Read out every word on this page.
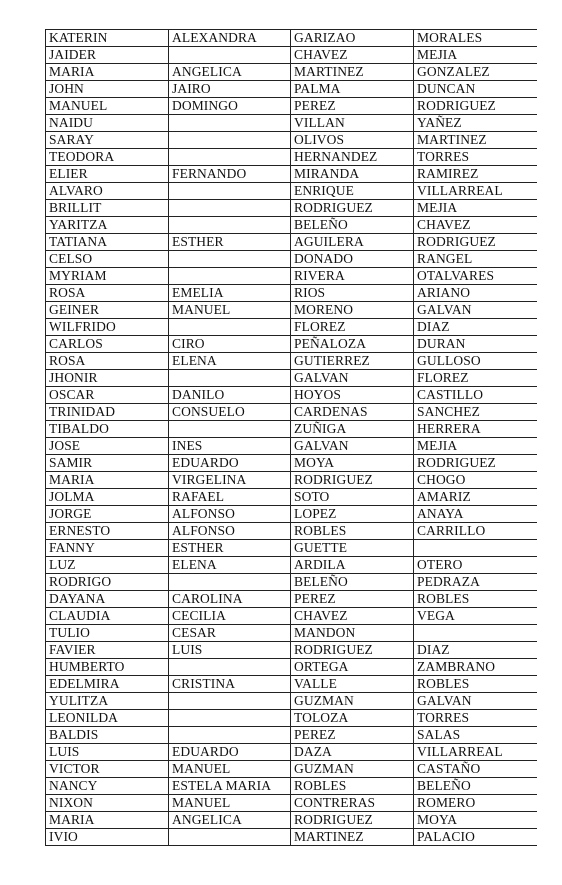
KATERIN	ALEXANDRA	GARIZAO	MORALES
JAIDER		CHAVEZ	MEJIA
MARIA	ANGELICA	MARTINEZ	GONZALEZ
JOHN	JAIRO	PALMA	DUNCAN
MANUEL	DOMINGO	PEREZ	RODRIGUEZ
NAIDU		VILLAN	YAÑEZ
SARAY		OLIVOS	MARTINEZ
TEODORA		HERNANDEZ	TORRES
ELIER	FERNANDO	MIRANDA	RAMIREZ
ALVARO		ENRIQUE	VILLARREAL
BRILLIT		RODRIGUEZ	MEJIA
YARITZA		BELEÑO	CHAVEZ
TATIANA	ESTHER	AGUILERA	RODRIGUEZ
CELSO		DONADO	RANGEL
MYRIAM		RIVERA	OTALVARES
ROSA	EMELIA	RIOS	ARIANO
GEINER	MANUEL	MORENO	GALVAN
WILFRIDO		FLOREZ	DIAZ
CARLOS	CIRO	PEÑALOZA	DURAN
ROSA	ELENA	GUTIERREZ	GULLOSO
JHONIR		GALVAN	FLOREZ
OSCAR	DANILO	HOYOS	CASTILLO
TRINIDAD	CONSUELO	CARDENAS	SANCHEZ
TIBALDO		ZUÑIGA	HERRERA
JOSE	INES	GALVAN	MEJIA
SAMIR	EDUARDO	MOYA	RODRIGUEZ
MARIA	VIRGELINA	RODRIGUEZ	CHOGO
JOLMA	RAFAEL	SOTO	AMARIZ
JORGE	ALFONSO	LOPEZ	ANAYA
ERNESTO	ALFONSO	ROBLES	CARRILLO
FANNY	ESTHER	GUETTE	
LUZ	ELENA	ARDILA	OTERO
RODRIGO		BELEÑO	PEDRAZA
DAYANA	CAROLINA	PEREZ	ROBLES
CLAUDIA	CECILIA	CHAVEZ	VEGA
TULIO	CESAR	MANDON	
FAVIER	LUIS	RODRIGUEZ	DIAZ
HUMBERTO		ORTEGA	ZAMBRANO
EDELMIRA	CRISTINA	VALLE	ROBLES
YULITZA		GUZMAN	GALVAN
LEONILDA		TOLOZA	TORRES
BALDIS		PEREZ	SALAS
LUIS	EDUARDO	DAZA	VILLARREAL
VICTOR	MANUEL	GUZMAN	CASTAÑO
NANCY	ESTELA MARIA	ROBLES	BELEÑO
NIXON	MANUEL	CONTRERAS	ROMERO
MARIA	ANGELICA	RODRIGUEZ	MOYA
IVIO		MARTINEZ	PALACIO
